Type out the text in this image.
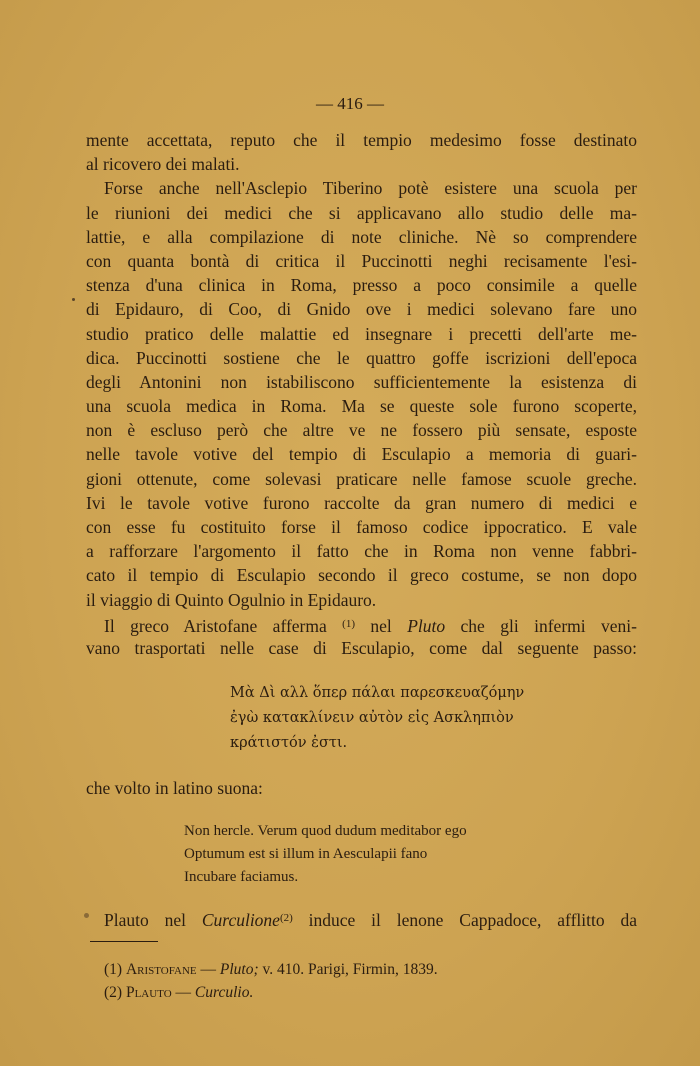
— 416 —
mente accettata, reputo che il tempio medesimo fosse destinato
al ricovero dei malati.
Forse anche nell'Asclepio Tiberino potè esistere una scuola per
le riunioni dei medici che si applicavano allo studio delle ma-
lattie, e alla compilazione di note cliniche. Nè so comprendere
con quanta bontà di critica il Puccinotti neghi recisamente l'esi-
stenza d'una clinica in Roma, presso a poco consimile a quelle
di Epidauro, di Coo, di Gnido ove i medici solevano fare uno
studio pratico delle malattie ed insegnare i precetti dell'arte me-
dica. Puccinotti sostiene che le quattro goffe iscrizioni dell'epoca
degli Antonini non istabiliscono sufficientemente la esistenza di
una scuola medica in Roma. Ma se queste sole furono scoperte,
non è escluso però che altre ve ne fossero più sensate, esposte
nelle tavole votive del tempio di Esculapio a memoria di guari-
gioni ottenute, come solevasi praticare nelle famose scuole greche.
Ivi le tavole votive furono raccolte da gran numero di medici e
con esse fu costituito forse il famoso codice ippocratico. E vale
a rafforzare l'argomento il fatto che in Roma non venne fabbri-
cato il tempio di Esculapio secondo il greco costume, se non dopo
il viaggio di Quinto Ogulnio in Epidauro.
Il greco Aristofane afferma $^{(1)}$ nel Pluto che gli infermi veni-
vano trasportati nelle case di Esculapio, come dal seguente passo:
Μὰ Δὶ αλλ ὅπερ πάλαι παρεσκευαζόμην
ἐγὼ κατακλίνειν αὐτὸν εἰς Ασκληπιὸν
κράτιστόν ἐστι.
che volto in latino suona:
Non hercle. Verum quod dudum meditabor ego
Optumum est si illum in Aesculapii fano
Incubare faciamus.
Plauto nel Curculione$^{(2)}$ induce il lenone Cappadoce, afflitto da
(1) Aristofane — Pluto; v. 410. Parigi, Firmin, 1839.
(2) Plauto — Curculio.
